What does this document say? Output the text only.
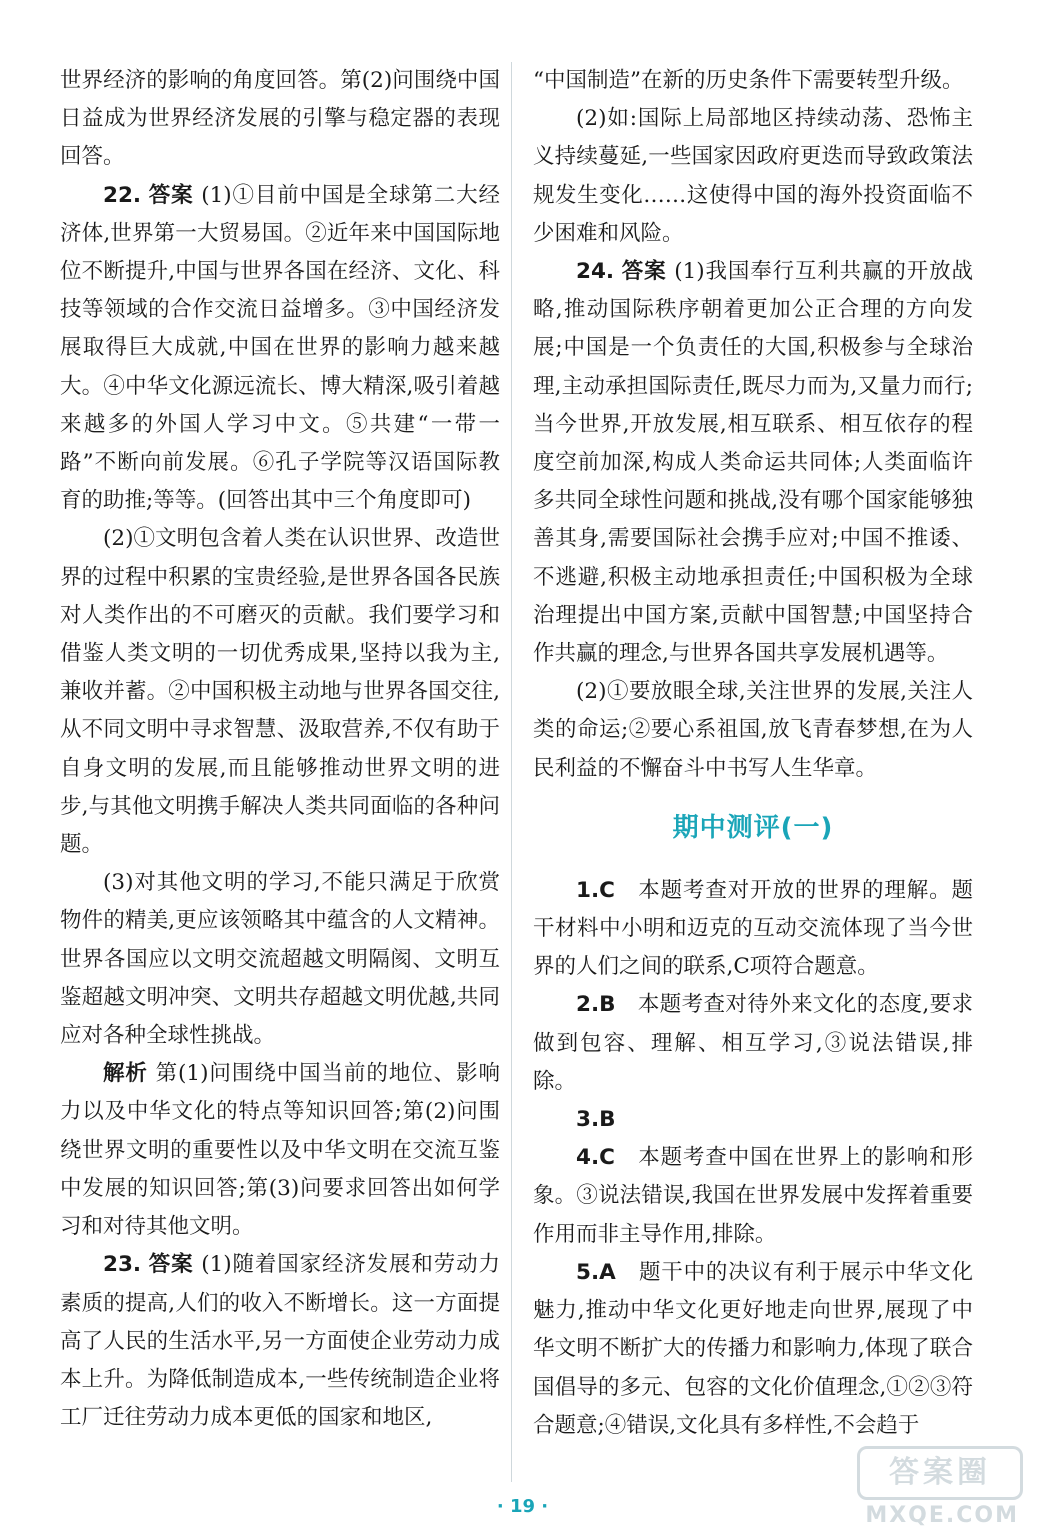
世界经济的影响的角度回答。第(2)问围绕中国日益成为世界经济发展的引擎与稳定器的表现回答。

22. 答案 (1)①目前中国是全球第二大经济体,世界第一大贸易国。②近年来中国国际地位不断提升,中国与世界各国在经济、文化、科技等领域的合作交流日益增多。③中国经济发展取得巨大成就,中国在世界的影响力越来越大。④中华文化源远流长、博大精深,吸引着越来越多的外国人学习中文。⑤共建“一带一路”不断向前发展。⑥孔子学院等汉语国际教育的助推;等等。(回答出其中三个角度即可)

(2)①文明包含着人类在认识世界、改造世界的过程中积累的宝贵经验,是世界各国各民族对人类作出的不可磨灭的贡献。我们要学习和借鉴人类文明的一切优秀成果,坚持以我为主,兼收并蓄。②中国积极主动地与世界各国交往,从不同文明中寻求智慧、汲取营养,不仅有助于自身文明的发展,而且能够推动世界文明的进步,与其他文明携手解决人类共同面临的各种问题。

(3)对其他文明的学习,不能只满足于欣赏物件的精美,更应该领略其中蕴含的人文精神。世界各国应以文明交流超越文明隔阂、文明互鉴超越文明冲突、文明共存超越文明优越,共同应对各种全球性挑战。

解析 第(1)问围绕中国当前的地位、影响力以及中华文化的特点等知识回答;第(2)问围绕世界文明的重要性以及中华文明在交流互鉴中发展的知识回答;第(3)问要求回答出如何学习和对待其他文明。

23. 答案 (1)随着国家经济发展和劳动力素质的提高,人们的收入不断增长。这一方面提高了人民的生活水平,另一方面使企业劳动力成本上升。为降低制造成本,一些传统制造企业将工厂迁往劳动力成本更低的国家和地区,

“中国制造”在新的历史条件下需要转型升级。

(2)如:国际上局部地区持续动荡、恐怖主义持续蔓延,一些国家因政府更迭而导致政策法规发生变化……这使得中国的海外投资面临不少困难和风险。

24. 答案 (1)我国奉行互利共赢的开放战略,推动国际秩序朝着更加公正合理的方向发展;中国是一个负责任的大国,积极参与全球治理,主动承担国际责任,既尽力而为,又量力而行;当今世界,开放发展,相互联系、相互依存的程度空前加深,构成人类命运共同体;人类面临许多共同全球性问题和挑战,没有哪个国家能够独善其身,需要国际社会携手应对;中国不推诿、不逃避,积极主动地承担责任;中国积极为全球治理提出中国方案,贡献中国智慧;中国坚持合作共赢的理念,与世界各国共享发展机遇等。

(2)①要放眼全球,关注世界的发展,关注人类的命运;②要心系祖国,放飞青春梦想,在为人民利益的不懈奋斗中书写人生华章。

期中测评(一)

1.C　 本题考查对开放的世界的理解。题干材料中小明和迈克的互动交流体现了当今世界的人们之间的联系,C项符合题意。

2.B　 本题考查对待外来文化的态度,要求做到包容、理解、相互学习,③说法错误,排除。

3.B

4.C　 本题考查中国在世界上的影响和形象。③说法错误,我国在世界发展中发挥着重要作用而非主导作用,排除。

5.A　 题干中的决议有利于展示中华文化魅力,推动中华文化更好地走向世界,展现了中华文明不断扩大的传播力和影响力,体现了联合国倡导的多元、包容的文化价值理念,①②③符合题意;④错误,文化具有多样性,不会趋于

· 19 ·
答案圈
MXQE.COM
